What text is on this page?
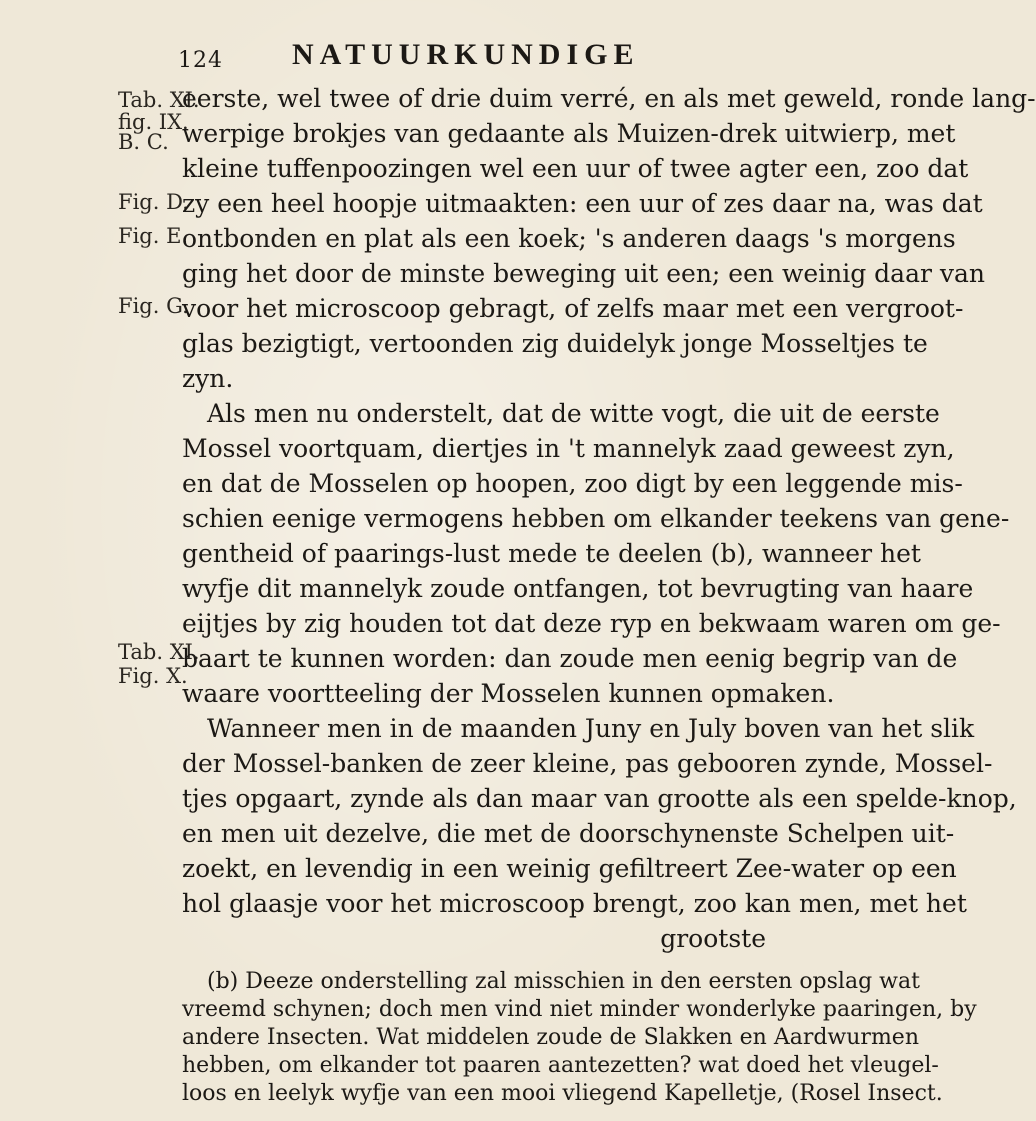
124 NATUURKUNDIGE
Tab. XI.
fig. IX.
B. C.
Fig. D.
Fig. E.
Fig. G.
Tab. XI.
Fig. X.
eerste, wel twee of drie duim verré, en als met geweld, ronde lang-
werpige brokjes van gedaante als Muizen-drek uitwierp, met
kleine tuffenpoozingen wel een uur of twee agter een, zoo dat
zy een heel hoopje uitmaakten: een uur of zes daar na, was dat
ontbonden en plat als een koek; 's anderen daags 's morgens
ging het door de minste beweging uit een; een weinig daar van
voor het microscoop gebragt, of zelfs maar met een vergroot-
glas bezigtigt, vertoonden zig duidelyk jonge Mosseltjes te
zyn.
Als men nu onderstelt, dat de witte vogt, die uit de eerste
Mossel voortquam, diertjes in 't mannelyk zaad geweest zyn,
en dat de Mosselen op hoopen, zoo digt by een leggende mis-
schien eenige vermogens hebben om elkander teekens van gene-
gentheid of paarings-lust mede te deelen (b), wanneer het
wyfje dit mannelyk zoude ontfangen, tot bevrugting van haare
eijtjes by zig houden tot dat deze ryp en bekwaam waren om ge-
baart te kunnen worden: dan zoude men eenig begrip van de
waare voortteeling der Mosselen kunnen opmaken.
Wanneer men in de maanden Juny en July boven van het slik
der Mossel-banken de zeer kleine, pas gebooren zynde, Mossel-
tjes opgaart, zynde als dan maar van grootte als een spelde-knop,
en men uit dezelve, die met de doorschynenste Schelpen uit-
zoekt, en levendig in een weinig gefiltreert Zee-water op een
hol glaasje voor het microscoop brengt, zoo kan men, met het
grootste
(b) Deeze onderstelling zal misschien in den eersten opslag wat
vreemd schynen; doch men vind niet minder wonderlyke paaringen, by
andere Insecten. Wat middelen zoude de Slakken en Aardwurmen
hebben, om elkander tot paaren aantezetten? wat doed het vleugel-
loos en leelyk wyfje van een mooi vliegend Kapelletje, (Rosel Insect.
